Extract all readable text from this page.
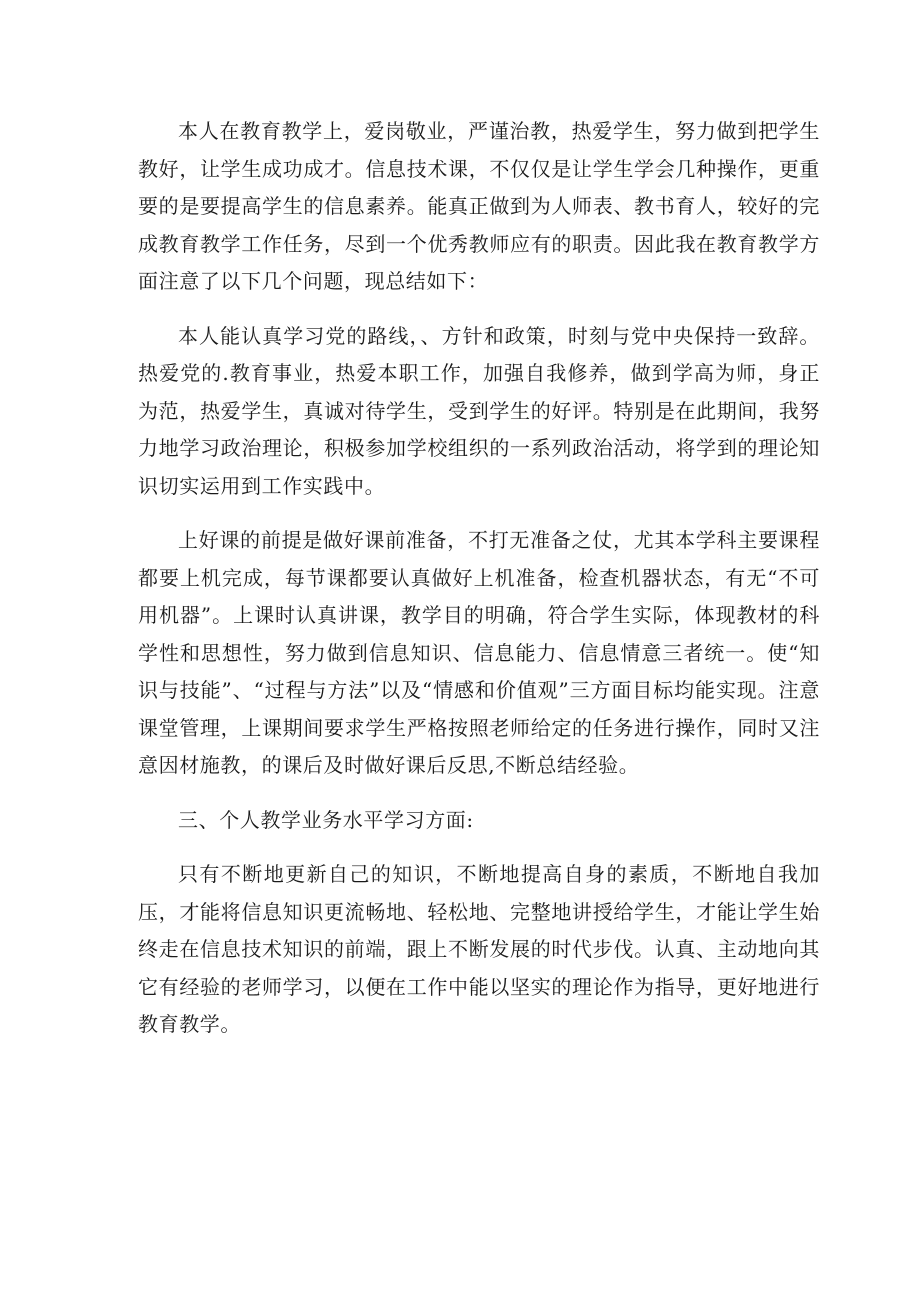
本人在教育教学上，爱岗敬业，严谨治教，热爱学生，努力做到把学生教好，让学生成功成才。信息技术课，不仅仅是让学生学会几种操作，更重要的是要提高学生的信息素养。能真正做到为人师表、教书育人，较好的完成教育教学工作任务，尽到一个优秀教师应有的职责。因此我在教育教学方面注意了以下几个问题，现总结如下：

本人能认真学习党的路线，、方针和政策，时刻与党中央保持一致辞。热爱党的.教育事业，热爱本职工作，加强自我修养，做到学高为师，身正为范，热爱学生，真诚对待学生，受到学生的好评。特别是在此期间，我努力地学习政治理论，积极参加学校组织的一系列政治活动，将学到的理论知识切实运用到工作实践中。

上好课的前提是做好课前准备，不打无准备之仗，尤其本学科主要课程都要上机完成，每节课都要认真做好上机准备，检查机器状态，有无“不可用机器”。上课时认真讲课，教学目的明确，符合学生实际，体现教材的科学性和思想性，努力做到信息知识、信息能力、信息情意三者统一。使“知识与技能”、“过程与方法”以及“情感和价值观”三方面目标均能实现。注意课堂管理，上课期间要求学生严格按照老师给定的任务进行操作，同时又注意因材施教，的课后及时做好课后反思,不断总结经验。

三、个人教学业务水平学习方面:

只有不断地更新自己的知识，不断地提高自身的素质，不断地自我加压，才能将信息知识更流畅地、轻松地、完整地讲授给学生，才能让学生始终走在信息技术知识的前端，跟上不断发展的时代步伐。认真、主动地向其它有经验的老师学习，以便在工作中能以坚实的理论作为指导，更好地进行教育教学。
